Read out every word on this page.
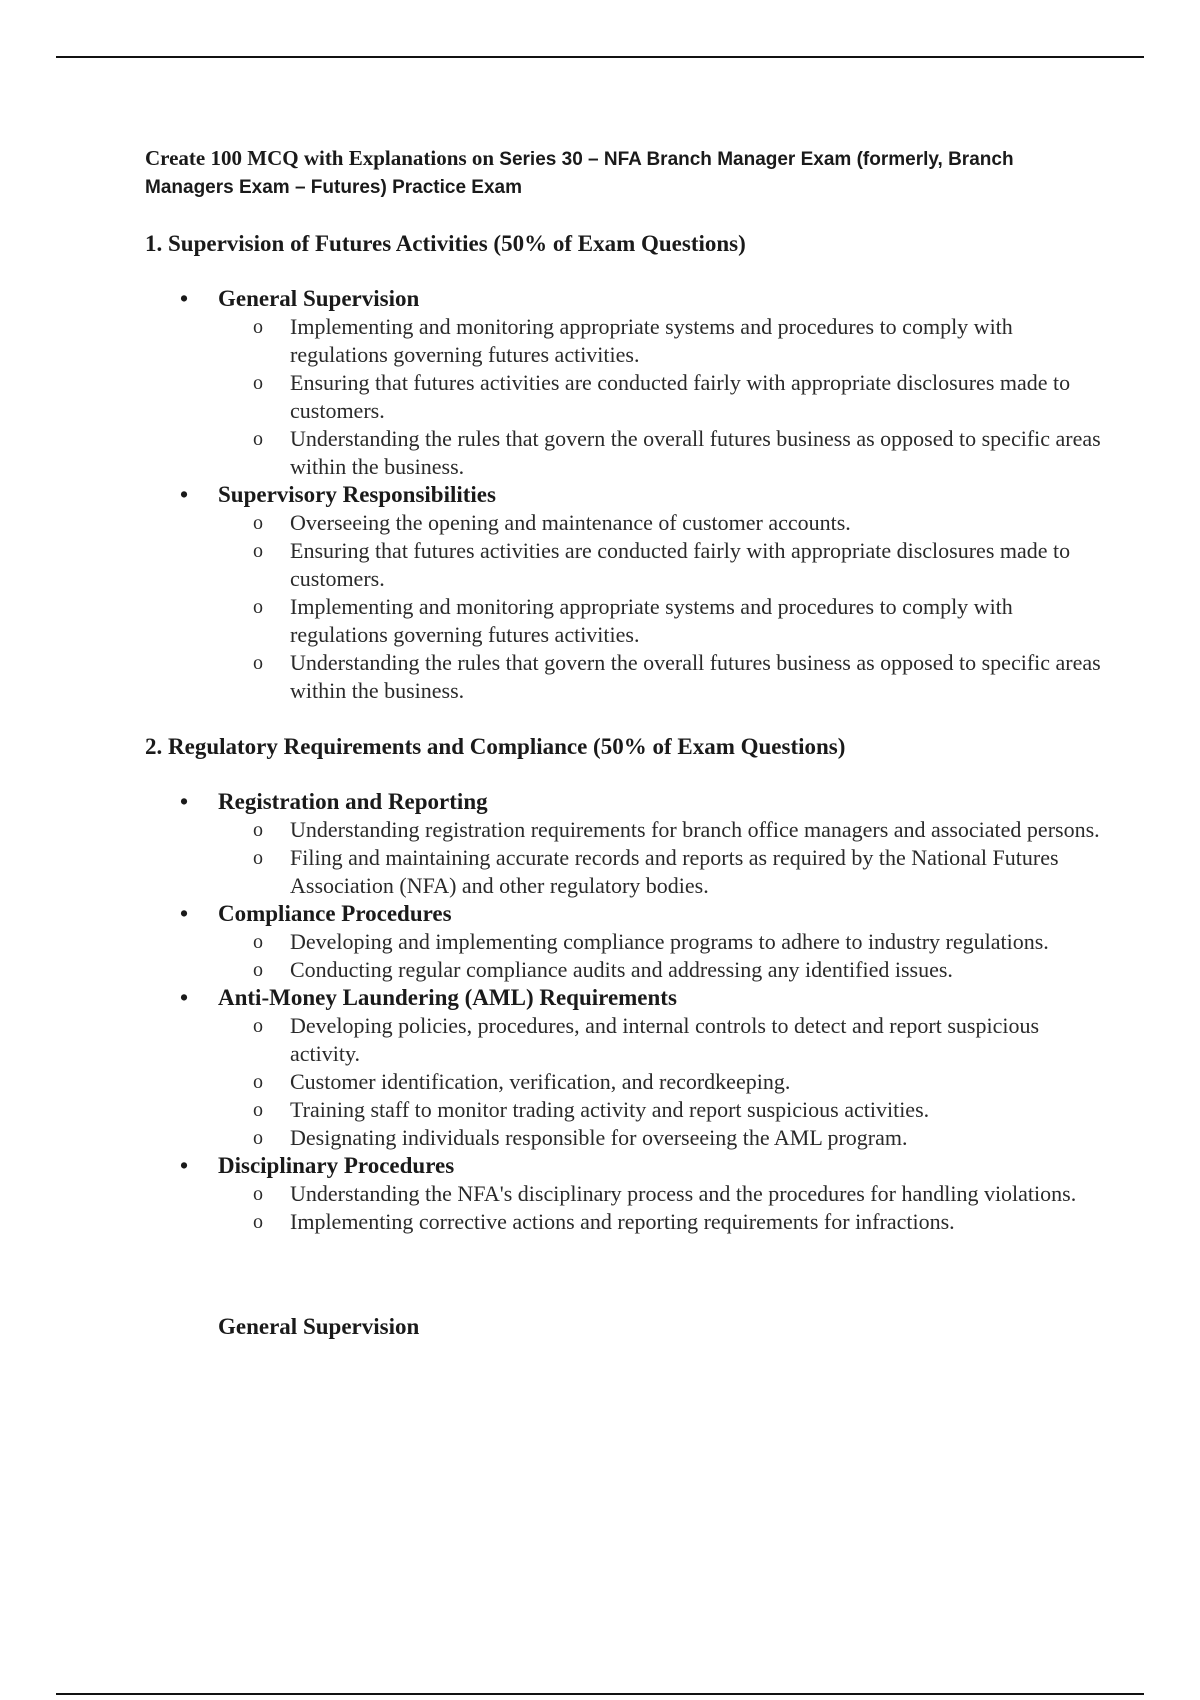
Create 100 MCQ with Explanations on Series 30 – NFA Branch Manager Exam (formerly, Branch Managers Exam – Futures) Practice Exam

1. Supervision of Futures Activities (50% of Exam Questions)

• General Supervision
o Implementing and monitoring appropriate systems and procedures to comply with regulations governing futures activities.
o Ensuring that futures activities are conducted fairly with appropriate disclosures made to customers.
o Understanding the rules that govern the overall futures business as opposed to specific areas within the business.
• Supervisory Responsibilities
o Overseeing the opening and maintenance of customer accounts.
o Ensuring that futures activities are conducted fairly with appropriate disclosures made to customers.
o Implementing and monitoring appropriate systems and procedures to comply with regulations governing futures activities.
o Understanding the rules that govern the overall futures business as opposed to specific areas within the business.

2. Regulatory Requirements and Compliance (50% of Exam Questions)

• Registration and Reporting
o Understanding registration requirements for branch office managers and associated persons.
o Filing and maintaining accurate records and reports as required by the National Futures Association (NFA) and other regulatory bodies.
• Compliance Procedures
o Developing and implementing compliance programs to adhere to industry regulations.
o Conducting regular compliance audits and addressing any identified issues.
• Anti-Money Laundering (AML) Requirements
o Developing policies, procedures, and internal controls to detect and report suspicious activity.
o Customer identification, verification, and recordkeeping.
o Training staff to monitor trading activity and report suspicious activities.
o Designating individuals responsible for overseeing the AML program.
• Disciplinary Procedures
o Understanding the NFA's disciplinary process and the procedures for handling violations.
o Implementing corrective actions and reporting requirements for infractions.
General Supervision
